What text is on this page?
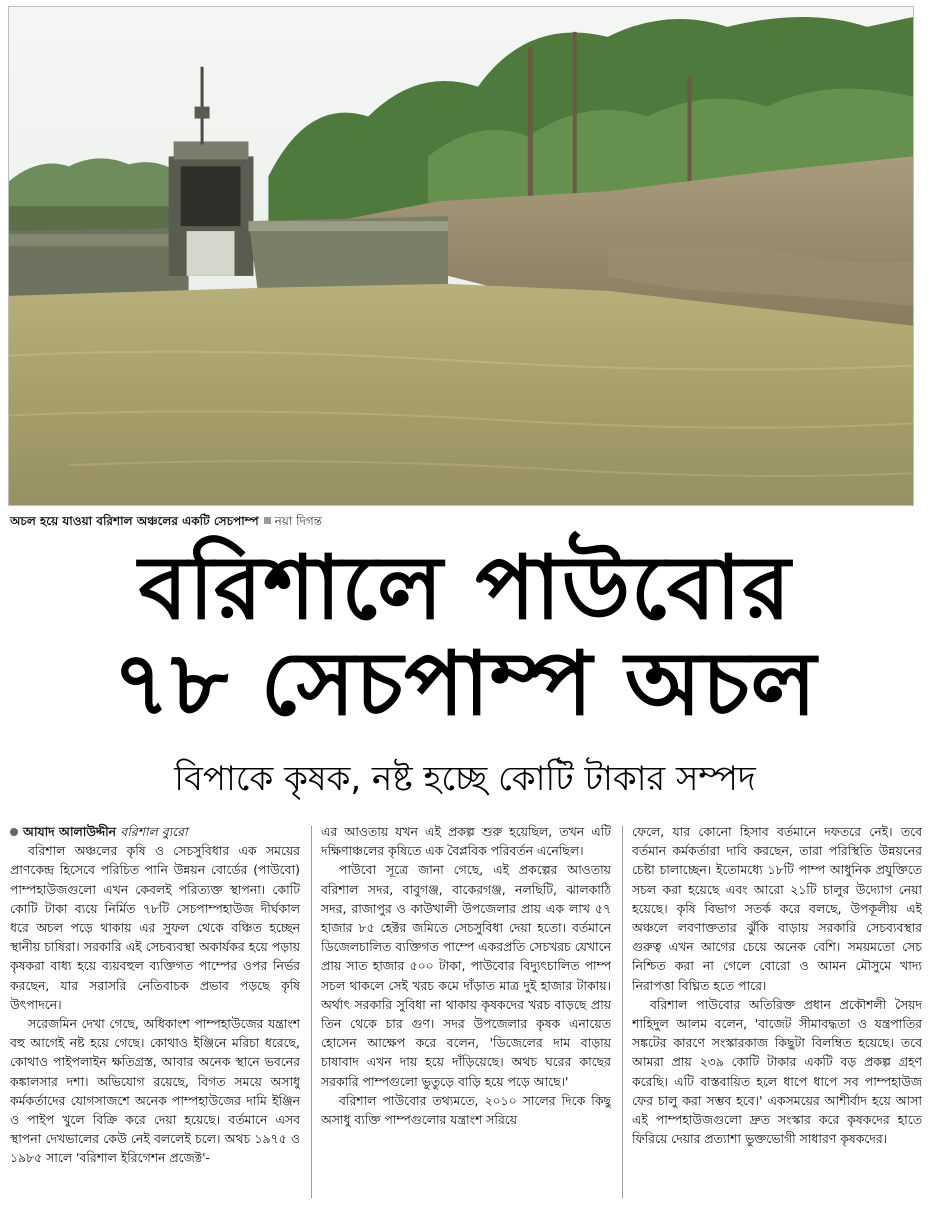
অচল হয়ে যাওয়া বরিশাল অঞ্চলের একটি সেচপাম্প নয়া দিগন্ত
বরিশালে পাউবোর
৭৮ সেচপাম্প অচল
বিপাকে কৃষক, নষ্ট হচ্ছে কোটি টাকার সম্পদ

আযাদ আলাউদ্দীন বরিশাল ব্যুরো

বরিশাল অঞ্চলের কৃষি ও সেচসুবিধার এক সময়ের প্রাণকেন্দ্র হিসেবে পরিচিত পানি উন্নয়ন বোর্ডের (পাউবো) পাম্পহাউজগুলো এখন কেবলই পরিত্যক্ত স্থাপনা। কোটি কোটি টাকা ব্যয়ে নির্মিত ৭৮টি সেচপাম্পহাউজ দীর্ঘকাল ধরে অচল পড়ে থাকায় এর সুফল থেকে বঞ্চিত হচ্ছেন স্থানীয় চাষিরা। সরকারি এই সেচব্যবস্থা অকার্যকর হয়ে পড়ায় কৃষকরা বাধ্য হয়ে ব্যয়বহুল ব্যক্তিগত পাম্পের ওপর নির্ভর করছেন, যার সরাসরি নেতিবাচক প্রভাব পড়ছে কৃষি উৎপাদনে।

সরেজমিন দেখা গেছে, অধিকাংশ পাম্পহাউজের যন্ত্রাংশ বহু আগেই নষ্ট হয়ে গেছে। কোথাও ইঞ্জিনে মরিচা ধরেছে, কোথাও পাইপলাইন ক্ষতিগ্রস্ত, আবার অনেক স্থানে ভবনের কঙ্কালসার দশা। অভিযোগ রয়েছে, বিগত সময়ে অসাধু কর্মকর্তাদের যোগসাজশে অনেক পাম্পহাউজের দামি ইঞ্জিন ও পাইপ খুলে বিক্রি করে দেয়া হয়েছে। বর্তমানে এসব স্থাপনা দেখভালের কেউ নেই বললেই চলে। অথচ ১৯৭৫ ও ১৯৮৫ সালে 'বরিশাল ইরিগেশন প্রজেক্ট'-

এর আওতায় যখন এই প্রকল্প শুরু হয়েছিল, তখন এটি দক্ষিণাঞ্চলের কৃষিতে এক বৈপ্লবিক পরিবর্তন এনেছিল।

পাউবো সূত্রে জানা গেছে, এই প্রকল্পের আওতায় বরিশাল সদর, বাবুগঞ্জ, বাকেরগঞ্জ, নলছিটি, ঝালকাঠি সদর, রাজাপুর ও কাউখালী উপজেলার প্রায় এক লাখ ৫৭ হাজার ৮৫ হেক্টর জমিতে সেচসুবিধা দেয়া হতো। বর্তমানে ডিজেলচালিত ব্যক্তিগত পাম্পে একরপ্রতি সেচখরচ যেখানে প্রায় সাত হাজার ৫০০ টাকা, পাউবোর বিদ্যুৎচালিত পাম্প সচল থাকলে সেই খরচ কমে দাঁড়াত মাত্র দুই হাজার টাকায়। অর্থাৎ সরকারি সুবিধা না থাকায় কৃষকদের খরচ বাড়ছে প্রায় তিন থেকে চার গুণ। সদর উপজেলার কৃষক এনায়েত হোসেন আক্ষেপ করে বলেন, 'ডিজেলের দাম বাড়ায় চাষাবাদ এখন দায় হয়ে দাঁড়িয়েছে। অথচ ঘরের কাছের সরকারি পাম্পগুলো ভুতুড়ে বাড়ি হয়ে পড়ে আছে।'

বরিশাল পাউবোর তথ্যমতে, ২০১০ সালের দিকে কিছু অসাধু ব্যক্তি পাম্পগুলোর যন্ত্রাংশ সরিয়ে

ফেলে, যার কোনো হিসাব বর্তমানে দফতরে নেই। তবে বর্তমান কর্মকর্তারা দাবি করছেন, তারা পরিস্থিতি উন্নয়নের চেষ্টা চালাচ্ছেন। ইতোমধ্যে ১৮টি পাম্প আধুনিক প্রযুক্তিতে সচল করা হয়েছে এবং আরো ২১টি চালুর উদ্যোগ নেয়া হয়েছে। কৃষি বিভাগ সতর্ক করে বলছে, উপকূলীয় এই অঞ্চলে লবণাক্ততার ঝুঁকি বাড়ায় সরকারি সেচব্যবস্থার গুরুত্ব এখন আগের চেয়ে অনেক বেশি। সময়মতো সেচ নিশ্চিত করা না গেলে বোরো ও আমন মৌসুমে খাদ্য নিরাপত্তা বিঘ্নিত হতে পারে।

বরিশাল পাউবোর অতিরিক্ত প্রধান প্রকৌশলী সৈয়দ শাহিদুল আলম বলেন, 'বাজেট সীমাবদ্ধতা ও যন্ত্রপাতির সঙ্কটের কারণে সংস্কারকাজ কিছুটা বিলম্বিত হয়েছে। তবে আমরা প্রায় ২৩৯ কোটি টাকার একটি বড় প্রকল্প গ্রহণ করেছি। এটি বাস্তবায়িত হলে ধাপে ধাপে সব পাম্পহাউজ ফের চালু করা সম্ভব হবে।' একসময়ের আশীর্বাদ হয়ে আসা এই পাম্পহাউজগুলো দ্রুত সংস্কার করে কৃষকদের হাতে ফিরিয়ে দেয়ার প্রত্যাশা ভুক্তভোগী সাধারণ কৃষকদের।
